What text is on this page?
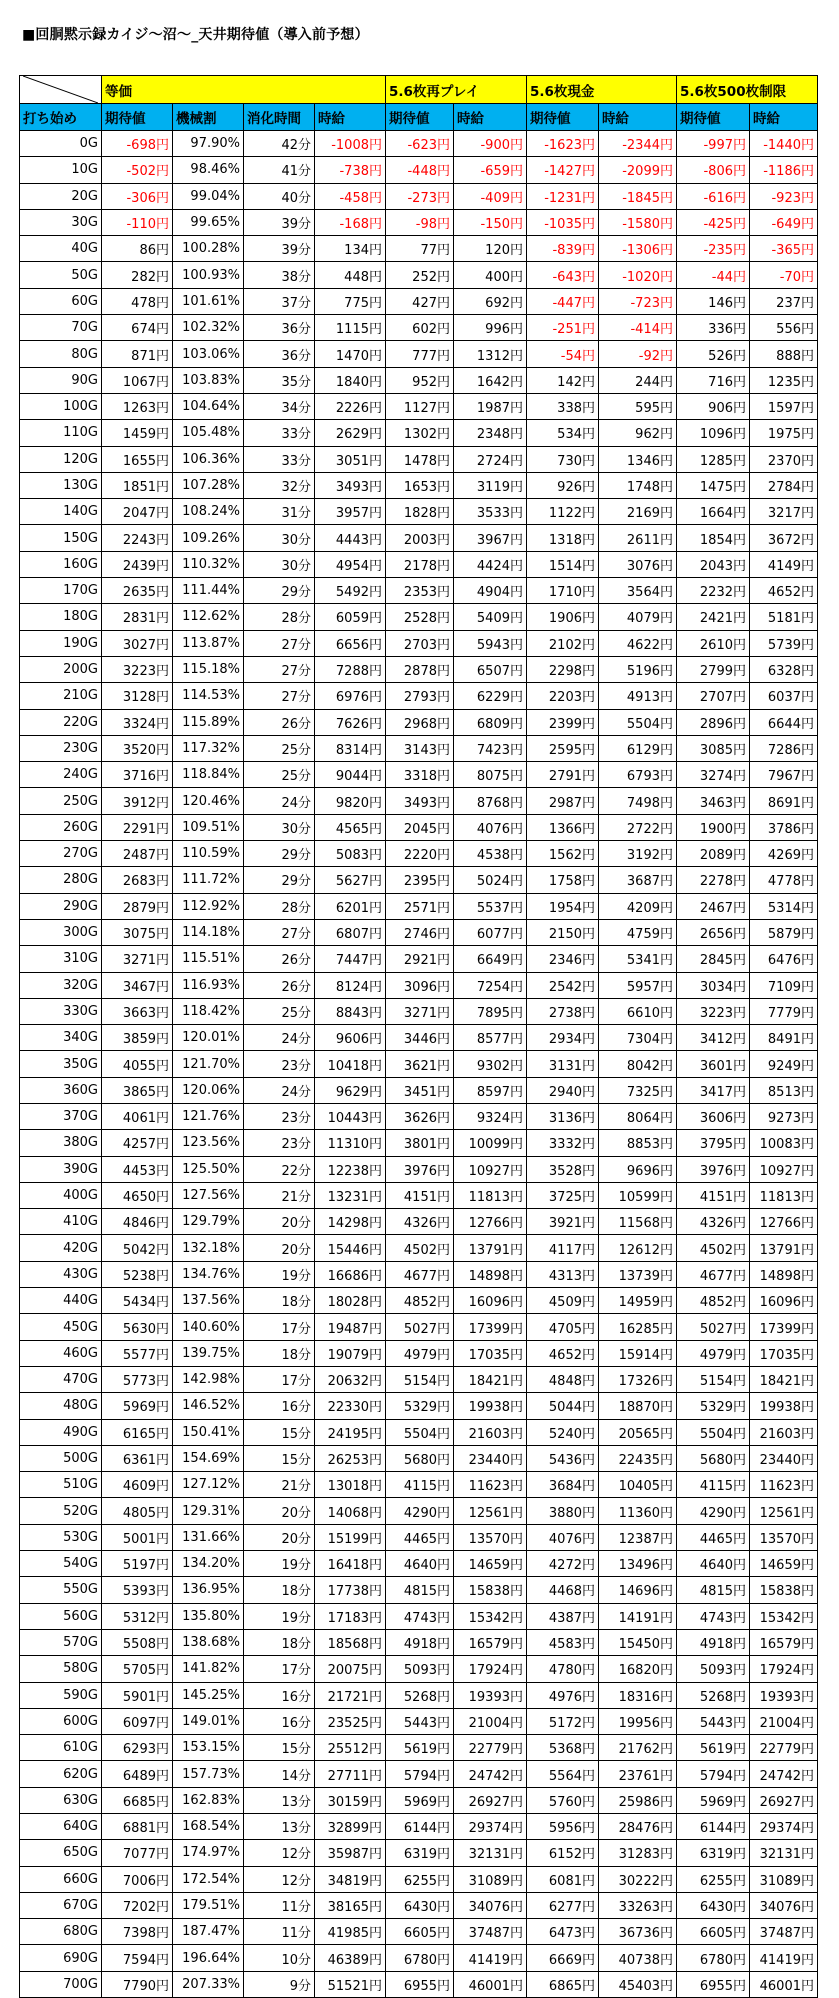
■回胴黙示録カイジ～沼～_天井期待値（導入前予想）
	等価				5.6枚再プレイ		5.6枚現金		5.6枚500枚制限	
打ち始め	期待値	機械割	消化時間	時給	期待値	時給	期待値	時給	期待値	時給
0G	-698円	97.90%	42分	-1008円	-623円	-900円	-1623円	-2344円	-997円	-1440円
10G	-502円	98.46%	41分	-738円	-448円	-659円	-1427円	-2099円	-806円	-1186円
20G	-306円	99.04%	40分	-458円	-273円	-409円	-1231円	-1845円	-616円	-923円
30G	-110円	99.65%	39分	-168円	-98円	-150円	-1035円	-1580円	-425円	-649円
40G	86円	100.28%	39分	134円	77円	120円	-839円	-1306円	-235円	-365円
50G	282円	100.93%	38分	448円	252円	400円	-643円	-1020円	-44円	-70円
60G	478円	101.61%	37分	775円	427円	692円	-447円	-723円	146円	237円
70G	674円	102.32%	36分	1115円	602円	996円	-251円	-414円	336円	556円
80G	871円	103.06%	36分	1470円	777円	1312円	-54円	-92円	526円	888円
90G	1067円	103.83%	35分	1840円	952円	1642円	142円	244円	716円	1235円
100G	1263円	104.64%	34分	2226円	1127円	1987円	338円	595円	906円	1597円
110G	1459円	105.48%	33分	2629円	1302円	2348円	534円	962円	1096円	1975円
120G	1655円	106.36%	33分	3051円	1478円	2724円	730円	1346円	1285円	2370円
130G	1851円	107.28%	32分	3493円	1653円	3119円	926円	1748円	1475円	2784円
140G	2047円	108.24%	31分	3957円	1828円	3533円	1122円	2169円	1664円	3217円
150G	2243円	109.26%	30分	4443円	2003円	3967円	1318円	2611円	1854円	3672円
160G	2439円	110.32%	30分	4954円	2178円	4424円	1514円	3076円	2043円	4149円
170G	2635円	111.44%	29分	5492円	2353円	4904円	1710円	3564円	2232円	4652円
180G	2831円	112.62%	28分	6059円	2528円	5409円	1906円	4079円	2421円	5181円
190G	3027円	113.87%	27分	6656円	2703円	5943円	2102円	4622円	2610円	5739円
200G	3223円	115.18%	27分	7288円	2878円	6507円	2298円	5196円	2799円	6328円
210G	3128円	114.53%	27分	6976円	2793円	6229円	2203円	4913円	2707円	6037円
220G	3324円	115.89%	26分	7626円	2968円	6809円	2399円	5504円	2896円	6644円
230G	3520円	117.32%	25分	8314円	3143円	7423円	2595円	6129円	3085円	7286円
240G	3716円	118.84%	25分	9044円	3318円	8075円	2791円	6793円	3274円	7967円
250G	3912円	120.46%	24分	9820円	3493円	8768円	2987円	7498円	3463円	8691円
260G	2291円	109.51%	30分	4565円	2045円	4076円	1366円	2722円	1900円	3786円
270G	2487円	110.59%	29分	5083円	2220円	4538円	1562円	3192円	2089円	4269円
280G	2683円	111.72%	29分	5627円	2395円	5024円	1758円	3687円	2278円	4778円
290G	2879円	112.92%	28分	6201円	2571円	5537円	1954円	4209円	2467円	5314円
300G	3075円	114.18%	27分	6807円	2746円	6077円	2150円	4759円	2656円	5879円
310G	3271円	115.51%	26分	7447円	2921円	6649円	2346円	5341円	2845円	6476円
320G	3467円	116.93%	26分	8124円	3096円	7254円	2542円	5957円	3034円	7109円
330G	3663円	118.42%	25分	8843円	3271円	7895円	2738円	6610円	3223円	7779円
340G	3859円	120.01%	24分	9606円	3446円	8577円	2934円	7304円	3412円	8491円
350G	4055円	121.70%	23分	10418円	3621円	9302円	3131円	8042円	3601円	9249円
360G	3865円	120.06%	24分	9629円	3451円	8597円	2940円	7325円	3417円	8513円
370G	4061円	121.76%	23分	10443円	3626円	9324円	3136円	8064円	3606円	9273円
380G	4257円	123.56%	23分	11310円	3801円	10099円	3332円	8853円	3795円	10083円
390G	4453円	125.50%	22分	12238円	3976円	10927円	3528円	9696円	3976円	10927円
400G	4650円	127.56%	21分	13231円	4151円	11813円	3725円	10599円	4151円	11813円
410G	4846円	129.79%	20分	14298円	4326円	12766円	3921円	11568円	4326円	12766円
420G	5042円	132.18%	20分	15446円	4502円	13791円	4117円	12612円	4502円	13791円
430G	5238円	134.76%	19分	16686円	4677円	14898円	4313円	13739円	4677円	14898円
440G	5434円	137.56%	18分	18028円	4852円	16096円	4509円	14959円	4852円	16096円
450G	5630円	140.60%	17分	19487円	5027円	17399円	4705円	16285円	5027円	17399円
460G	5577円	139.75%	18分	19079円	4979円	17035円	4652円	15914円	4979円	17035円
470G	5773円	142.98%	17分	20632円	5154円	18421円	4848円	17326円	5154円	18421円
480G	5969円	146.52%	16分	22330円	5329円	19938円	5044円	18870円	5329円	19938円
490G	6165円	150.41%	15分	24195円	5504円	21603円	5240円	20565円	5504円	21603円
500G	6361円	154.69%	15分	26253円	5680円	23440円	5436円	22435円	5680円	23440円
510G	4609円	127.12%	21分	13018円	4115円	11623円	3684円	10405円	4115円	11623円
520G	4805円	129.31%	20分	14068円	4290円	12561円	3880円	11360円	4290円	12561円
530G	5001円	131.66%	20分	15199円	4465円	13570円	4076円	12387円	4465円	13570円
540G	5197円	134.20%	19分	16418円	4640円	14659円	4272円	13496円	4640円	14659円
550G	5393円	136.95%	18分	17738円	4815円	15838円	4468円	14696円	4815円	15838円
560G	5312円	135.80%	19分	17183円	4743円	15342円	4387円	14191円	4743円	15342円
570G	5508円	138.68%	18分	18568円	4918円	16579円	4583円	15450円	4918円	16579円
580G	5705円	141.82%	17分	20075円	5093円	17924円	4780円	16820円	5093円	17924円
590G	5901円	145.25%	16分	21721円	5268円	19393円	4976円	18316円	5268円	19393円
600G	6097円	149.01%	16分	23525円	5443円	21004円	5172円	19956円	5443円	21004円
610G	6293円	153.15%	15分	25512円	5619円	22779円	5368円	21762円	5619円	22779円
620G	6489円	157.73%	14分	27711円	5794円	24742円	5564円	23761円	5794円	24742円
630G	6685円	162.83%	13分	30159円	5969円	26927円	5760円	25986円	5969円	26927円
640G	6881円	168.54%	13分	32899円	6144円	29374円	5956円	28476円	6144円	29374円
650G	7077円	174.97%	12分	35987円	6319円	32131円	6152円	31283円	6319円	32131円
660G	7006円	172.54%	12分	34819円	6255円	31089円	6081円	30222円	6255円	31089円
670G	7202円	179.51%	11分	38165円	6430円	34076円	6277円	33263円	6430円	34076円
680G	7398円	187.47%	11分	41985円	6605円	37487円	6473円	36736円	6605円	37487円
690G	7594円	196.64%	10分	46389円	6780円	41419円	6669円	40738円	6780円	41419円
700G	7790円	207.33%	9分	51521円	6955円	46001円	6865円	45403円	6955円	46001円
